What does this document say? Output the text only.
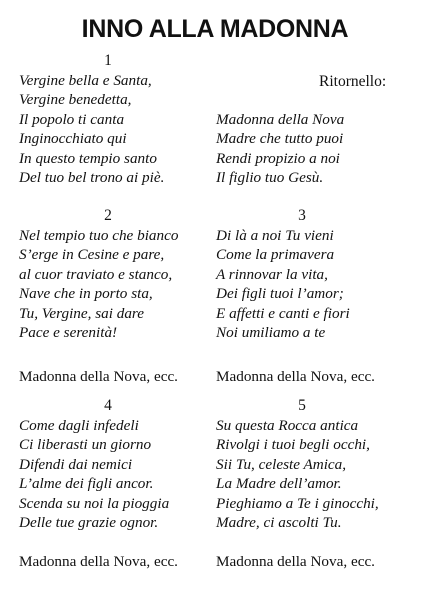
INNO ALLA MADONNA
1
Vergine bella e Santa,
Vergine benedetta,
Il popolo ti canta
Inginocchiato qui
In questo tempio santo
Del tuo bel trono ai piè.
Ritornello:
Madonna della Nova
Madre che tutto puoi
Rendi propizio a noi
Il figlio tuo Gesù.
2
Nel tempio tuo che bianco
S’erge in Cesine e pare,
al cuor traviato e stanco,
Nave che in porto sta,
Tu, Vergine, sai dare
Pace e serenità!
Madonna della Nova, ecc.
3
Di là a noi Tu vieni
Come la primavera
A rinnovar la vita,
Dei figli tuoi l’amor;
E affetti e canti e fiori
Noi umiliamo a te
Madonna della Nova, ecc.
4
Come dagli infedeli
Ci liberasti un giorno
Difendi dai nemici
L’alme dei figli ancor.
Scenda su noi la pioggia
Delle tue grazie ognor.
Madonna della Nova, ecc.
5
Su questa Rocca antica
Rivolgi i tuoi begli occhi,
Sii Tu, celeste Amica,
La Madre dell’amor.
Pieghiamo a Te i ginocchi,
Madre, ci ascolti Tu.
Madonna della Nova, ecc.
